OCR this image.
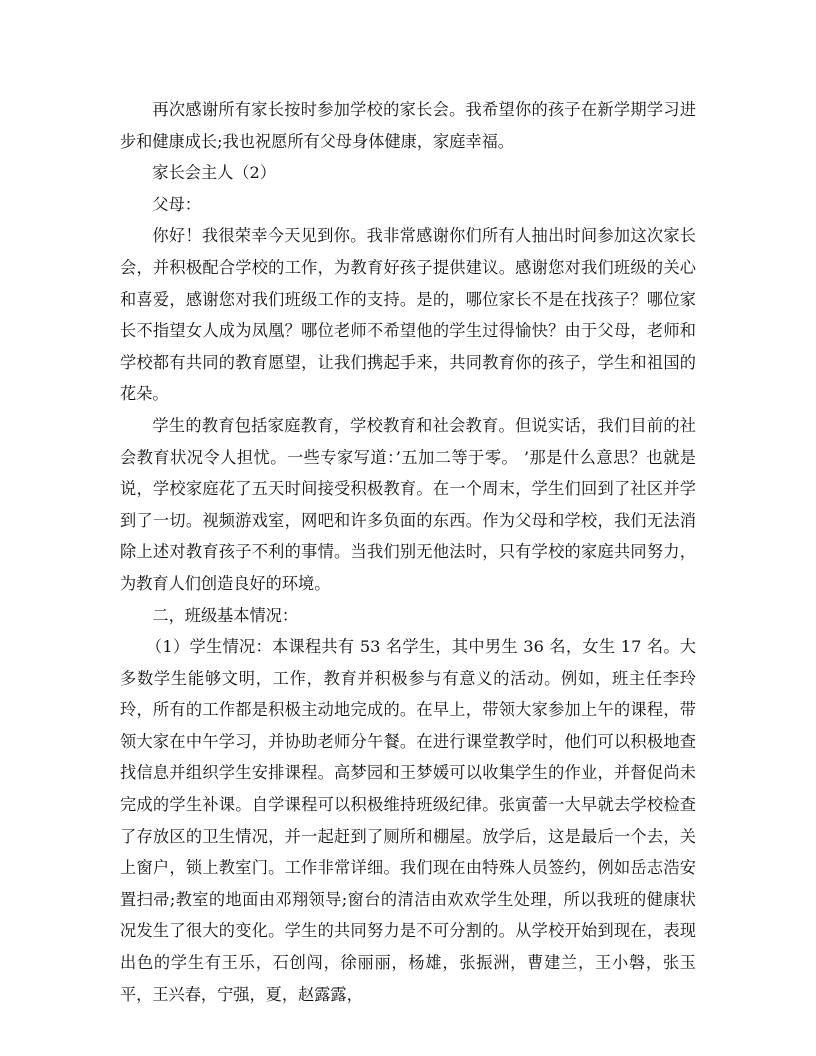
再次感谢所有家长按时参加学校的家长会。我希望你的孩子在新学期学习进步和健康成长;我也祝愿所有父母身体健康，家庭幸福。

家长会主人（2）

父母：

你好！我很荣幸今天见到你。我非常感谢你们所有人抽出时间参加这次家长会，并积极配合学校的工作，为教育好孩子提供建议。感谢您对我们班级的关心和喜爱，感谢您对我们班级工作的支持。是的，哪位家长不是在找孩子？哪位家长不指望女人成为凤凰？哪位老师不希望他的学生过得愉快？由于父母，老师和学校都有共同的教育愿望，让我们携起手来，共同教育你的孩子，学生和祖国的花朵。

学生的教育包括家庭教育，学校教育和社会教育。但说实话，我们目前的社会教育状况令人担忧。一些专家写道：’五加二等于零。 ’那是什么意思？也就是说，学校家庭花了五天时间接受积极教育。在一个周末，学生们回到了社区并学到了一切。视频游戏室，网吧和许多负面的东西。作为父母和学校，我们无法消除上述对教育孩子不利的事情。当我们别无他法时，只有学校的家庭共同努力，为教育人们创造良好的环境。

二，班级基本情况：

（1）学生情况：本课程共有 53 名学生，其中男生 36 名，女生 17 名。大多数学生能够文明，工作，教育并积极参与有意义的活动。例如，班主任李玲玲，所有的工作都是积极主动地完成的。在早上，带领大家参加上午的课程，带领大家在中午学习，并协助老师分午餐。在进行课堂教学时，他们可以积极地查找信息并组织学生安排课程。高梦园和王梦媛可以收集学生的作业，并督促尚未完成的学生补课。自学课程可以积极维持班级纪律。张寅蕾一大早就去学校检查了存放区的卫生情况，并一起赶到了厕所和棚屋。放学后，这是最后一个去，关上窗户，锁上教室门。工作非常详细。我们现在由特殊人员签约，例如岳志浩安置扫帚;教室的地面由邓翔领导;窗台的清洁由欢欢学生处理，所以我班的健康状况发生了很大的变化。学生的共同努力是不可分割的。从学校开始到现在，表现出色的学生有王乐，石创闯，徐丽丽，杨雄，张振洲，曹建兰，王小磐，张玉平，王兴春，宁强，夏，赵露露，
